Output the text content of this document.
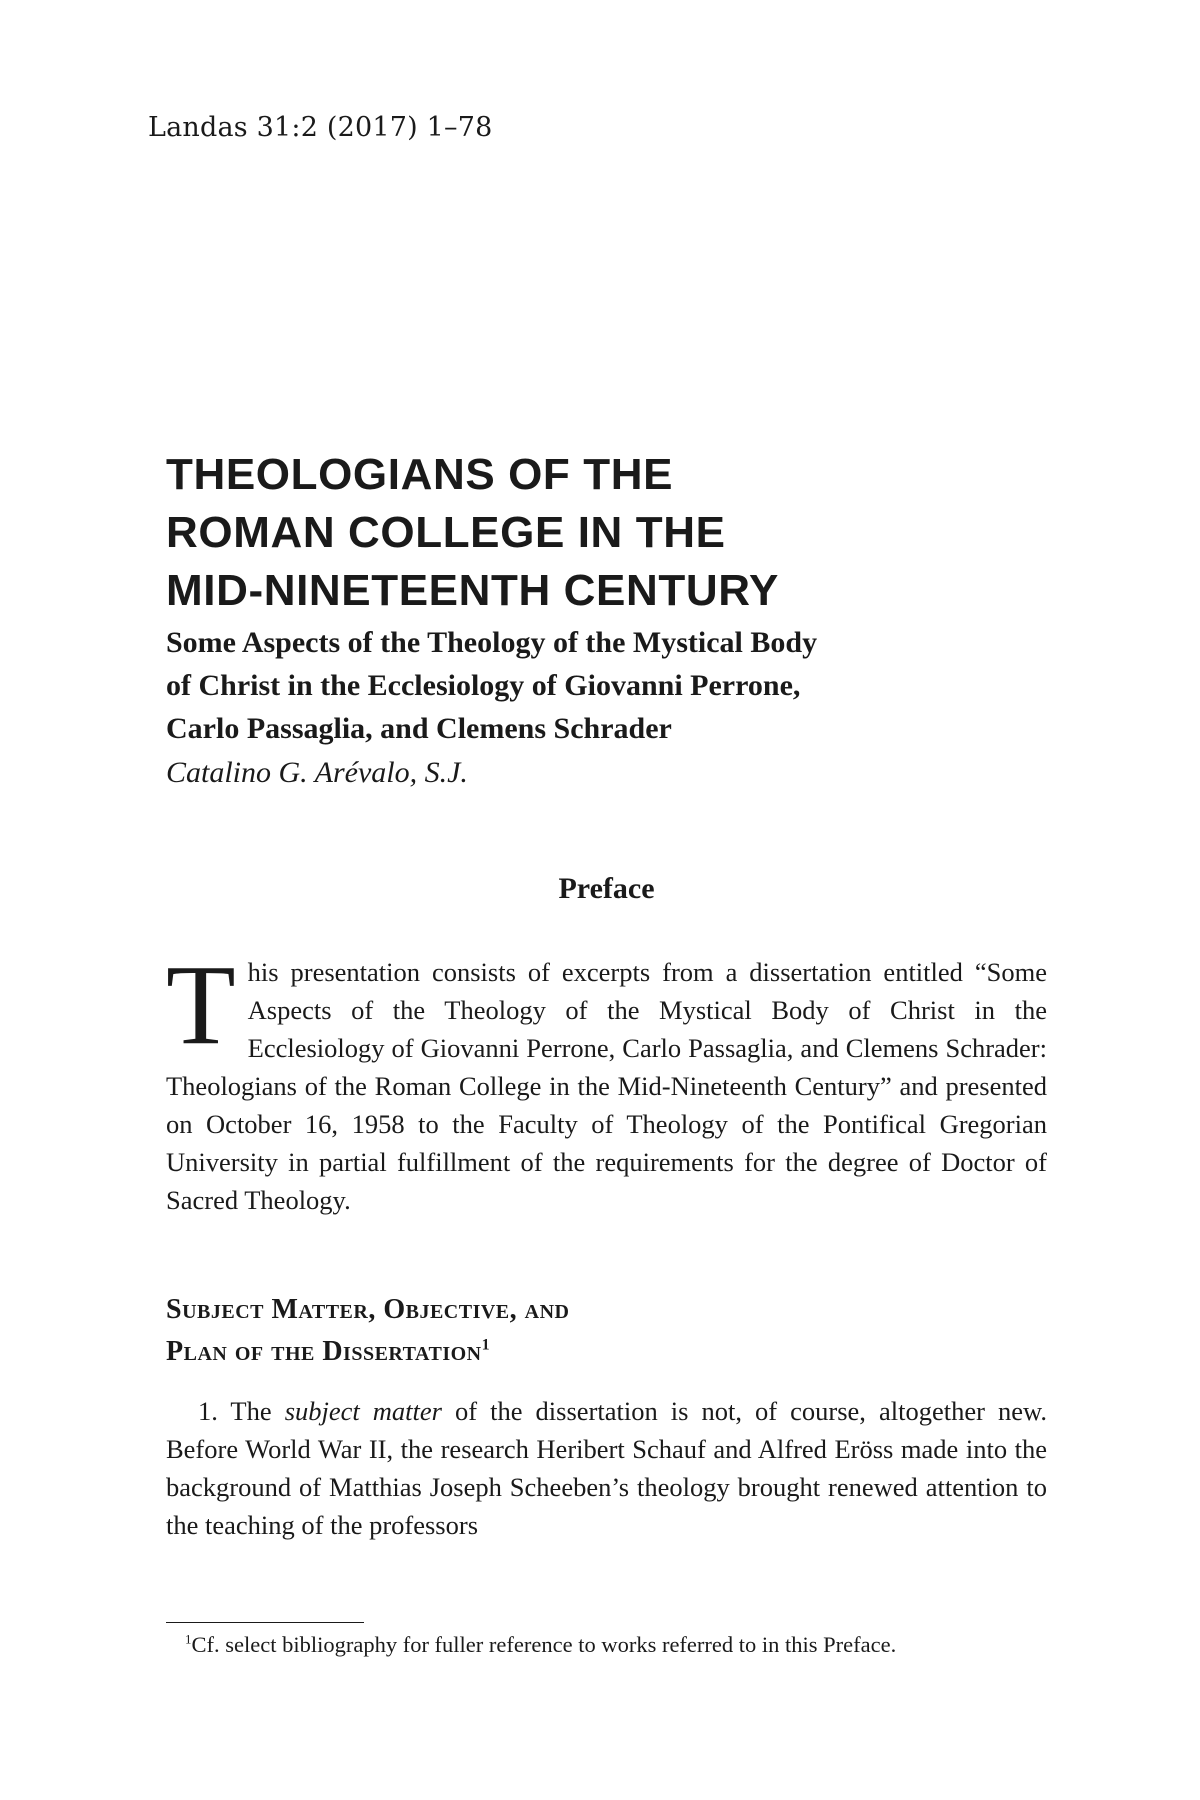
Landas 31:2 (2017) 1–78
THEOLOGIANS OF THE
ROMAN COLLEGE IN THE
MID-NINETEENTH CENTURY
Some Aspects of the Theology of the Mystical Body
of Christ in the Ecclesiology of Giovanni Perrone,
Carlo Passaglia, and Clemens Schrader
Catalino G. Arévalo, S.J.
Preface

This presentation consists of excerpts from a dissertation entitled “Some Aspects of the Theology of the Mystical Body of Christ in the Ecclesiology of Giovanni Perrone, Carlo Passaglia, and Clemens Schrader: Theologians of the Roman College in the Mid-Nineteenth Century” and presented on October 16, 1958 to the Faculty of Theology of the Pontifical Gregorian University in partial fulfillment of the requirements for the degree of Doctor of Sacred Theology.

Subject Matter, Objective, and
Plan of the Dissertation$^1$

1. The subject matter of the dissertation is not, of course, altogether new. Before World War II, the research Heribert Schauf and Alfred Eröss made into the background of Matthias Joseph Scheeben’s theology brought renewed attention to the teaching of the professors

$^1$Cf. select bibliography for fuller reference to works referred to in this Preface.
